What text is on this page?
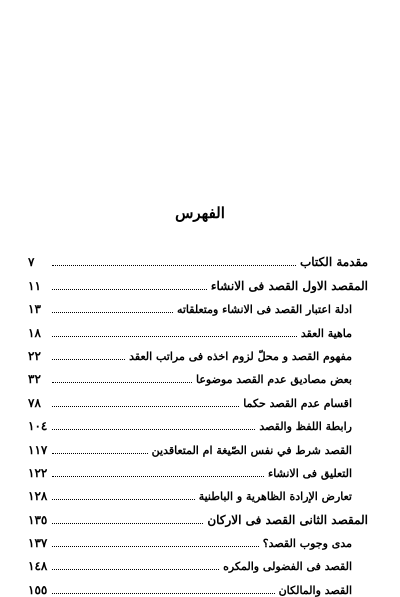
الفهرس
مقدمة الكتاب
٧
المقصد الاول القصد فى الانشاء
١١
ادلة اعتبار القصد فى الانشاء ومتعلقاته
١٣
ماهية العقد
١٨
مفهوم القصد و محلّ لزوم اخذه فى مراتب العقد
٢٢
بعض مصاديق عدم القصد موضوعا
٣٢
اقسام عدم القصد حكما
٧٨
رابطة اللفظ والقصد
١٠٤
القصد شرط في نفس الصّيغة ام المتعاقدين
١١٧
التعليق فى الانشاء
١٢٢
تعارض الإرادة الظاهرية و الباطنية
١٢٨
المقصد الثانى القصد فى الاركان
١٣٥
مدى وجوب القصد؟
١٣٧
القصد فى الفضولى والمكره
١٤٨
القصد والمالكان
١٥٥
